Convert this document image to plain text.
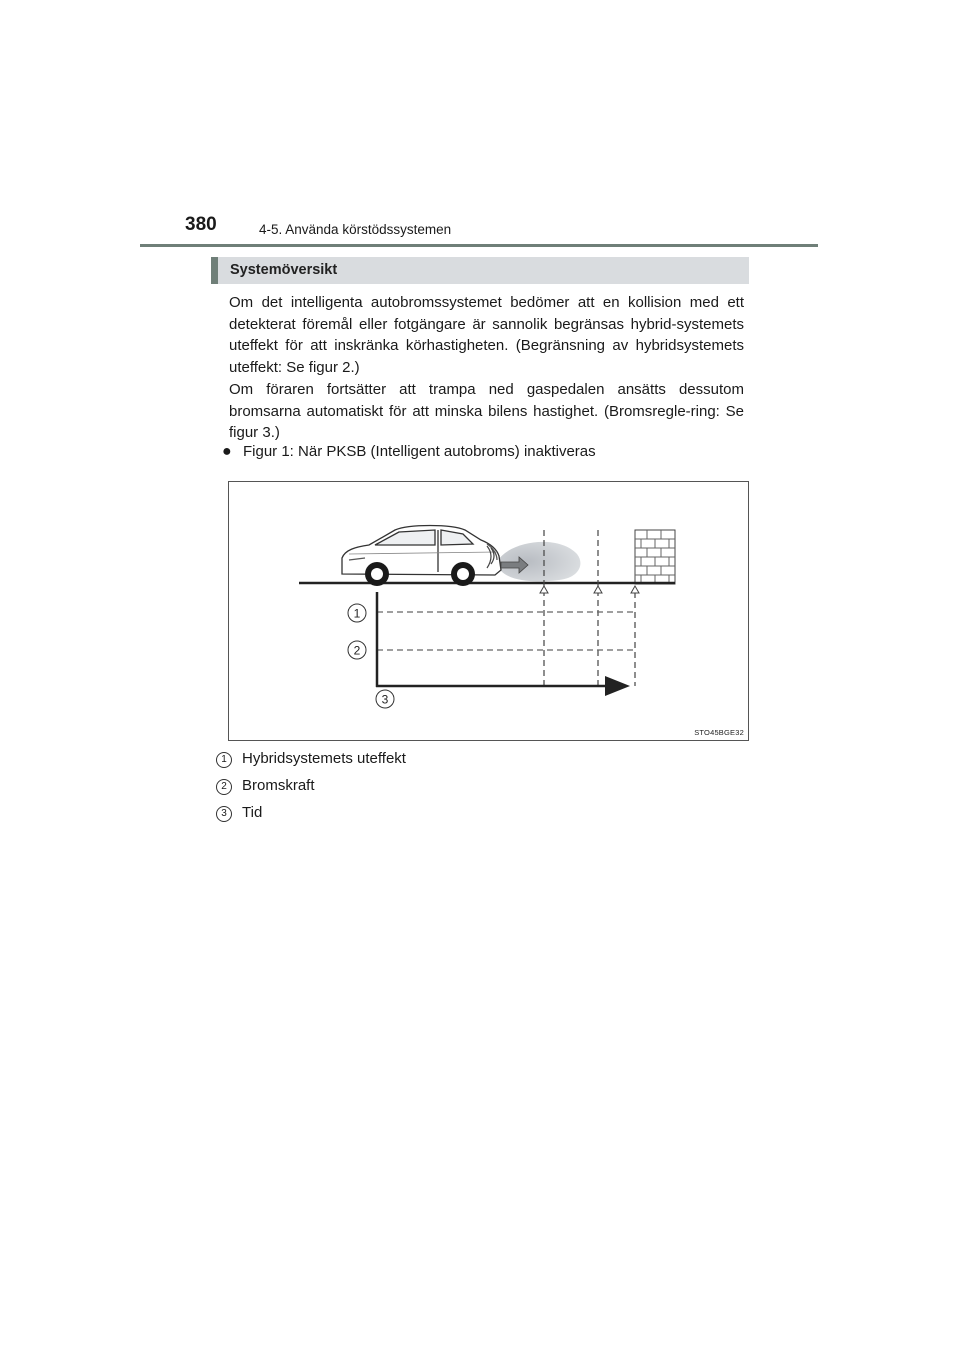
380	4-5. Använda körstödssystemen
Systemöversikt
Om det intelligenta autobromssystemet bedömer att en kollision med ett detekterat föremål eller fotgängare är sannolik begränsas hybrid-systemets uteffekt för att inskränka körhastigheten. (Begränsning av hybridsystemets uteffekt: Se figur 2.)
Om föraren fortsätter att trampa ned gaspedalen ansätts dessutom bromsarna automatiskt för att minska bilens hastighet. (Bromsregle-ring: Se figur 3.)
● Figur 1: När PKSB (Intelligent autobroms) inaktiveras
1
2
3
STO45BGE32
1 Hybridsystemets uteffekt
2 Bromskraft
3 Tid
